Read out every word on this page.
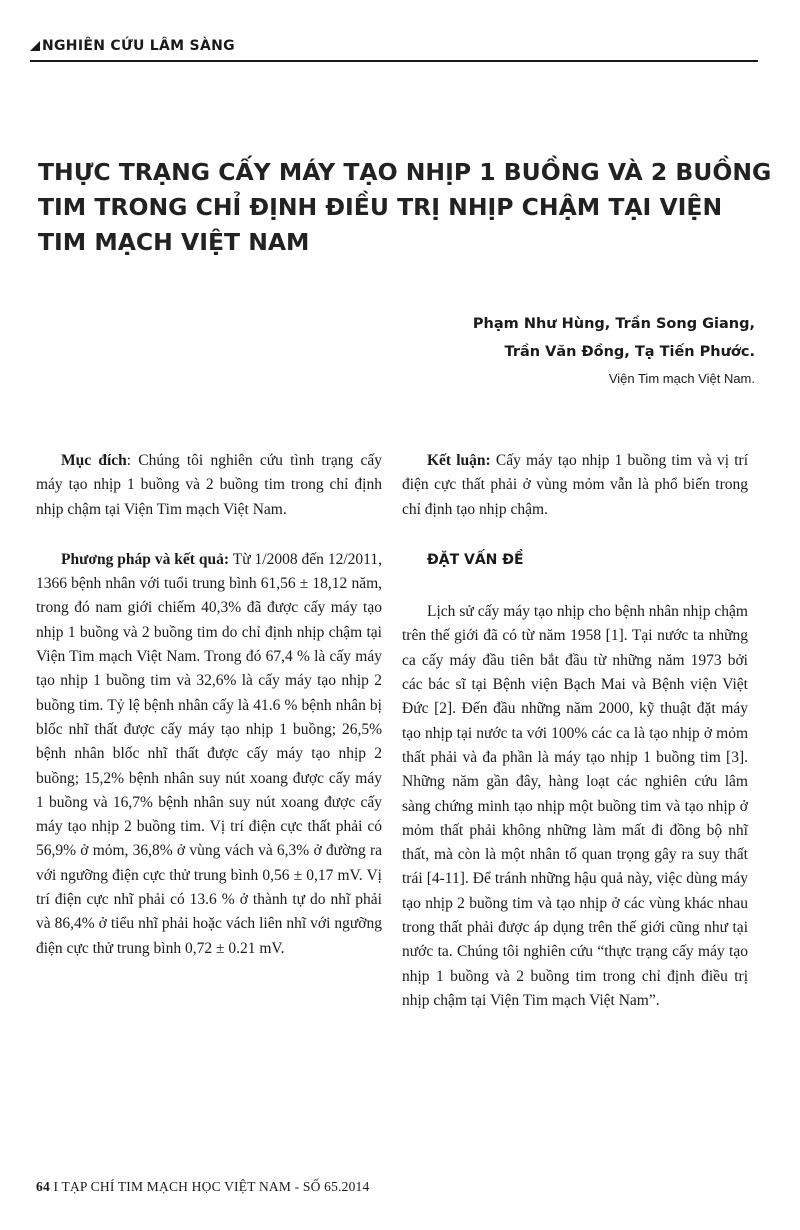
NGHIÊN CỨU LÂM SÀNG
THỰC TRẠNG CẤY MÁY TẠO NHỊP 1 BUỒNG VÀ 2 BUỒNG TIM TRONG CHỈ ĐỊNH ĐIỀU TRỊ NHỊP CHẬM TẠI VIỆN TIM MẠCH VIỆT NAM
Phạm Như Hùng, Trần Song Giang,
Trần Văn Đồng, Tạ Tiến Phước.
Viện Tim mạch Việt Nam.

Mục đích: Chúng tôi nghiên cứu tình trạng cấy máy tạo nhịp 1 buồng và 2 buồng tim trong chỉ định nhịp chậm tại Viện Tim mạch Việt Nam.

Phương pháp và kết quả: Từ 1/2008 đến 12/2011, 1366 bệnh nhân với tuổi trung bình 61,56 ± 18,12 năm, trong đó nam giới chiếm 40,3% đã được cấy máy tạo nhịp 1 buồng và 2 buồng tim do chỉ định nhịp chậm tại Viện Tim mạch Việt Nam. Trong đó 67,4 % là cấy máy tạo nhịp 1 buồng tim và 32,6% là cấy máy tạo nhịp 2 buồng tim. Tỷ lệ bệnh nhân cấy là 41.6 % bệnh nhân bị blốc nhĩ thất được cấy máy tạo nhịp 1 buồng; 26,5% bệnh nhân blốc nhĩ thất được cấy máy tạo nhịp 2 buồng; 15,2% bệnh nhân suy nút xoang được cấy máy 1 buồng và 16,7% bệnh nhân suy nút xoang được cấy máy tạo nhịp 2 buồng tim. Vị trí điện cực thất phải có 56,9% ở mỏm, 36,8% ở vùng vách và 6,3% ở đường ra với ngưỡng điện cực thử trung bình 0,56 ± 0,17 mV. Vị trí điện cực nhĩ phải có 13.6 % ở thành tự do nhĩ phải và 86,4% ở tiểu nhĩ phải hoặc vách liên nhĩ với ngưỡng điện cực thử trung bình 0,72 ± 0.21 mV.

Kết luận: Cấy máy tạo nhịp 1 buồng tim và vị trí điện cực thất phải ở vùng mỏm vẫn là phổ biến trong chỉ định tạo nhịp chậm.

ĐẶT VẤN ĐỀ

Lịch sử cấy máy tạo nhịp cho bệnh nhân nhịp chậm trên thế giới đã có từ năm 1958 [1]. Tại nước ta những ca cấy máy đầu tiên bắt đầu từ những năm 1973 bởi các bác sĩ tại Bệnh viện Bạch Mai và Bệnh viện Việt Đức [2]. Đến đầu những năm 2000, kỹ thuật đặt máy tạo nhịp tại nước ta với 100% các ca là tạo nhịp ở mỏm thất phải và đa phần là máy tạo nhịp 1 buồng tim [3]. Những năm gần đây, hàng loạt các nghiên cứu lâm sàng chứng minh tạo nhịp một buồng tim và tạo nhịp ở mỏm thất phải không những làm mất đi đồng bộ nhĩ thất, mà còn là một nhân tố quan trọng gây ra suy thất trái [4-11]. Để tránh những hậu quả này, việc dùng máy tạo nhịp 2 buồng tim và tạo nhịp ở các vùng khác nhau trong thất phải được áp dụng trên thế giới cũng như tại nước ta. Chúng tôi nghiên cứu “thực trạng cấy máy tạo nhịp 1 buồng và 2 buồng tim trong chỉ định điều trị nhịp chậm tại Viện Tim mạch Việt Nam”.

64 I TẠP CHÍ TIM MẠCH HỌC VIỆT NAM - SỐ 65.2014
